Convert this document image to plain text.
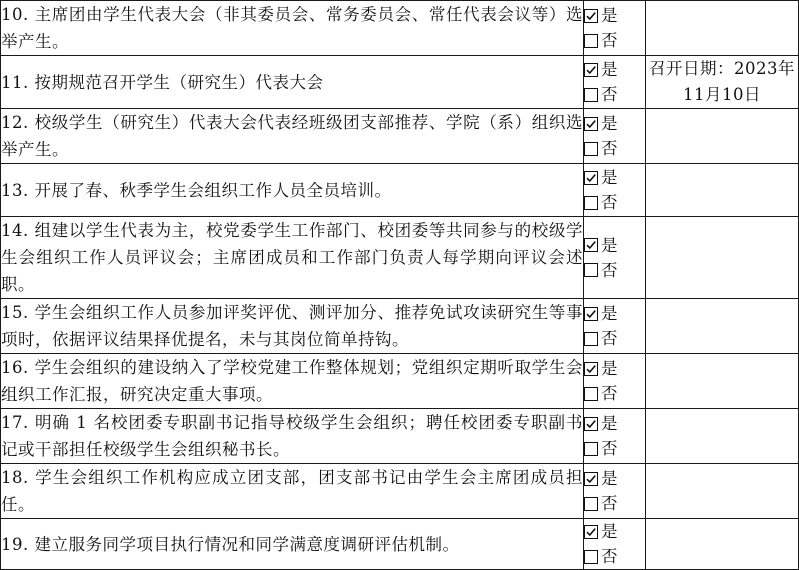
10. 主席团由学生代表大会（非其委员会、常务委员会、常任代表会议等）选举产生。	是
否	

11. 按期规范召开学生（研究生）代表大会	是
否	召开日期：2023年11月10日
12. 校级学生（研究生）代表大会代表经班级团支部推荐、学院（系）组织选举产生。	是
否	

13. 开展了春、秋季学生会组织工作人员全员培训。	是
否	

14. 组建以学生代表为主，校党委学生工作部门、校团委等共同参与的校级学生会组织工作人员评议会；主席团成员和工作部门负责人每学期向评议会述职。	是
否	

15. 学生会组织工作人员参加评奖评优、测评加分、推荐免试攻读研究生等事项时，依据评议结果择优提名，未与其岗位简单持钩。	是
否	

16. 学生会组织的建设纳入了学校党建工作整体规划；党组织定期听取学生会组织工作汇报，研究决定重大事项。	是
否	

17. 明确 1 名校团委专职副书记指导校级学生会组织；聘任校团委专职副书记或干部担任校级学生会组织秘书长。	是
否	

18. 学生会组织工作机构应成立团支部，团支部书记由学生会主席团成员担任。	是
否	

19. 建立服务同学项目执行情况和同学满意度调研评估机制。	是
否	
